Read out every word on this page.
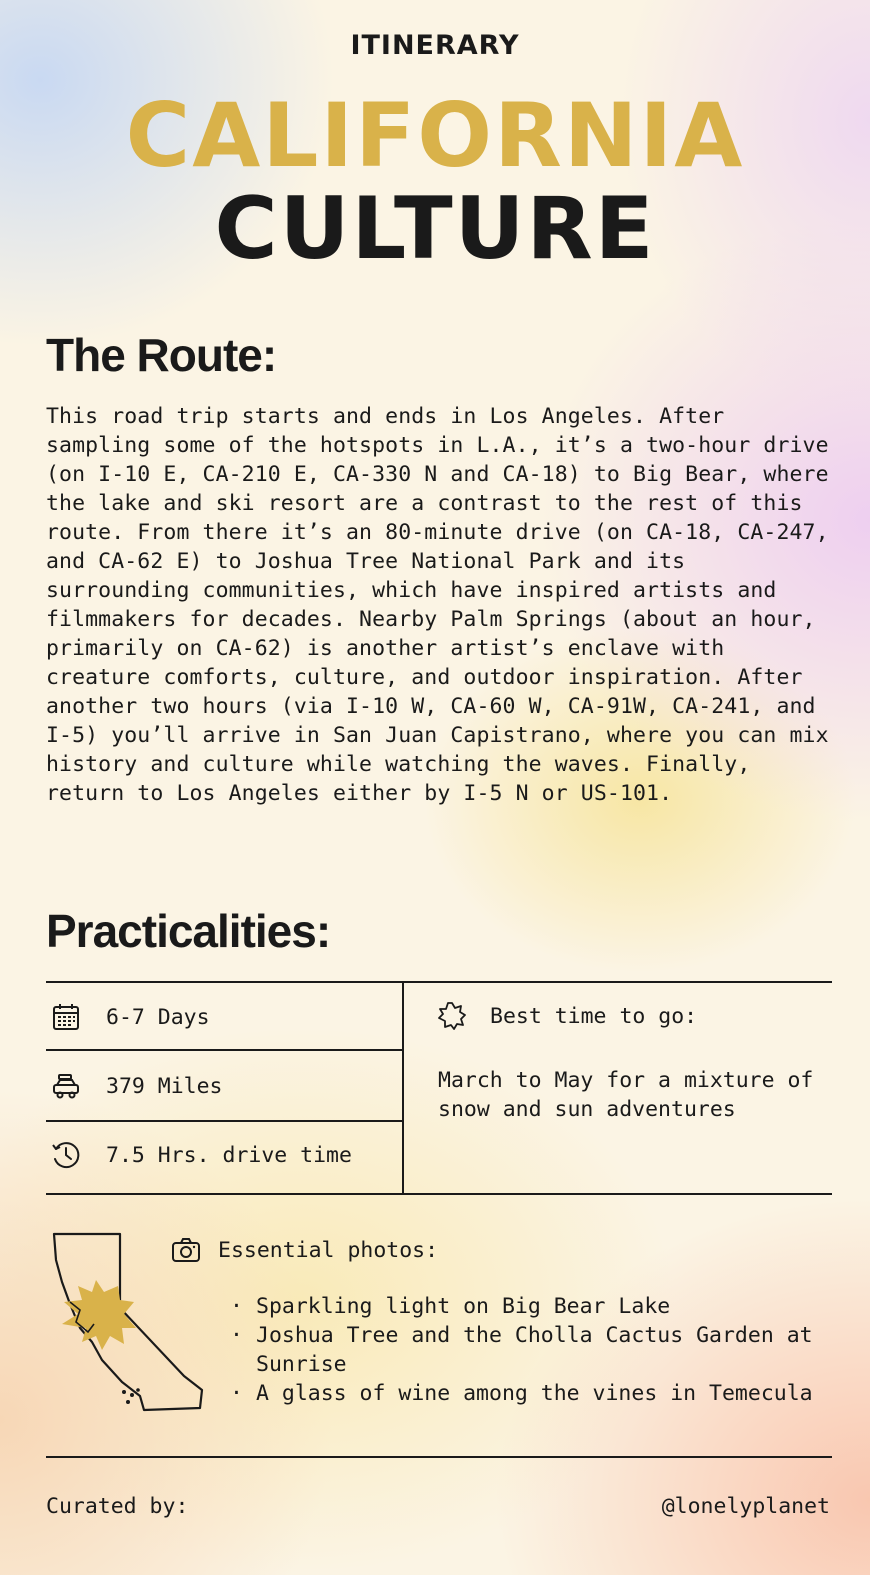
ITINERARY
CALIFORNIA
CULTURE
The Route:

This road trip starts and ends in Los Angeles. After sampling some of the hotspots in L.A., it’s a two-hour drive (on I-10 E, CA-210 E, CA-330 N and CA-18) to Big Bear, where the lake and ski resort are a contrast to the rest of this route. From there it’s an 80-minute drive (on CA-18, CA-247, and CA-62 E) to Joshua Tree National Park and its surrounding communities, which have inspired artists and filmmakers for decades. Nearby Palm Springs (about an hour, primarily on CA-62) is another artist’s enclave with creature comforts, culture, and outdoor inspiration. After another two hours (via I-10 W, CA-60 W, CA-91W, CA-241, and I-5) you’ll arrive in San Juan Capistrano, where you can mix history and culture while watching the waves. Finally, return to Los Angeles either by I-5 N or US-101.

Practicalities:
6-7 Days
379 Miles
7.5 Hrs. drive time
Best time to go:

March to May for a mixture of snow and sun adventures

Essential photos:
· Sparkling light on Big Bear Lake
· Joshua Tree and the Cholla Cactus Garden at Sunrise
· A glass of wine among the vines in Temecula
Curated by:	@lonelyplanet
